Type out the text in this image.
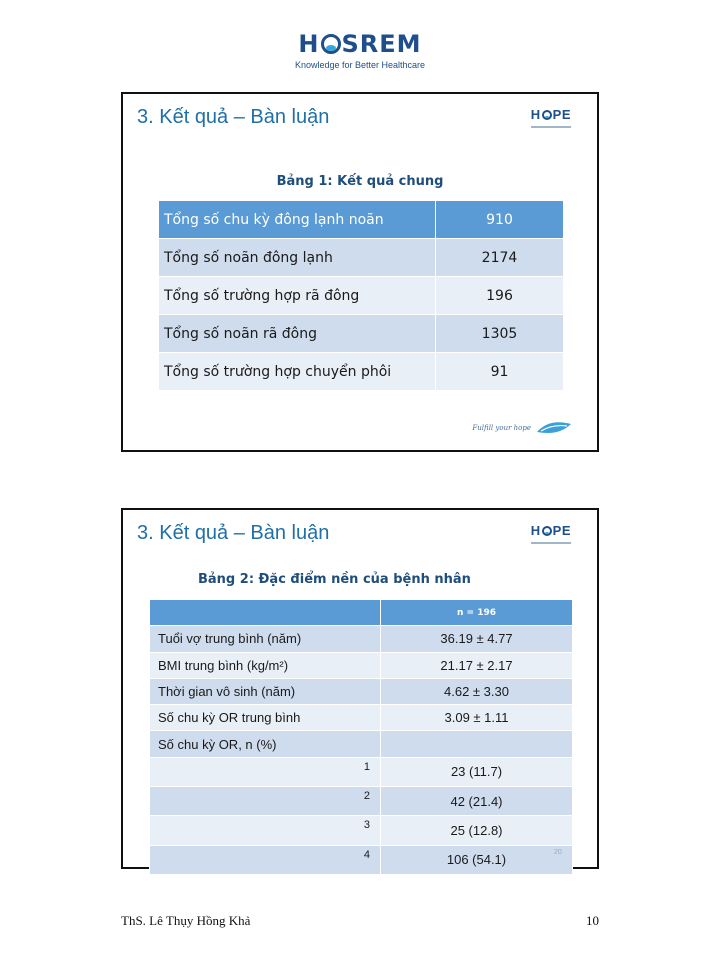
H SREM
Knowledge for Better Healthcare
3. Kết quả – Bàn luận	H PE
Bảng 1: Kết quả chung
Tổng số chu kỳ đông lạnh noãn	910
Tổng số noãn đông lạnh	2174
Tổng số trường hợp rã đông	196
Tổng số noãn rã đông	1305
Tổng số trường hợp chuyển phôi	91
Fulfill your hope
3. Kết quả – Bàn luận	H PE
Bảng 2: Đặc điểm nền của bệnh nhân
	n = 196
Tuổi vợ trung bình (năm)	36.19 ± 4.77
BMI trung bình (kg/m²)	21.17 ± 2.17
Thời gian vô sinh (năm)	4.62 ± 3.30
Số chu kỳ OR trung bình	3.09 ± 1.11
Số chu kỳ OR, n (%)	
1	23 (11.7)
2	42 (21.4)
3	25 (12.8)
4	106 (54.1)	20
ThS. Lê Thụy Hồng Khả	10
